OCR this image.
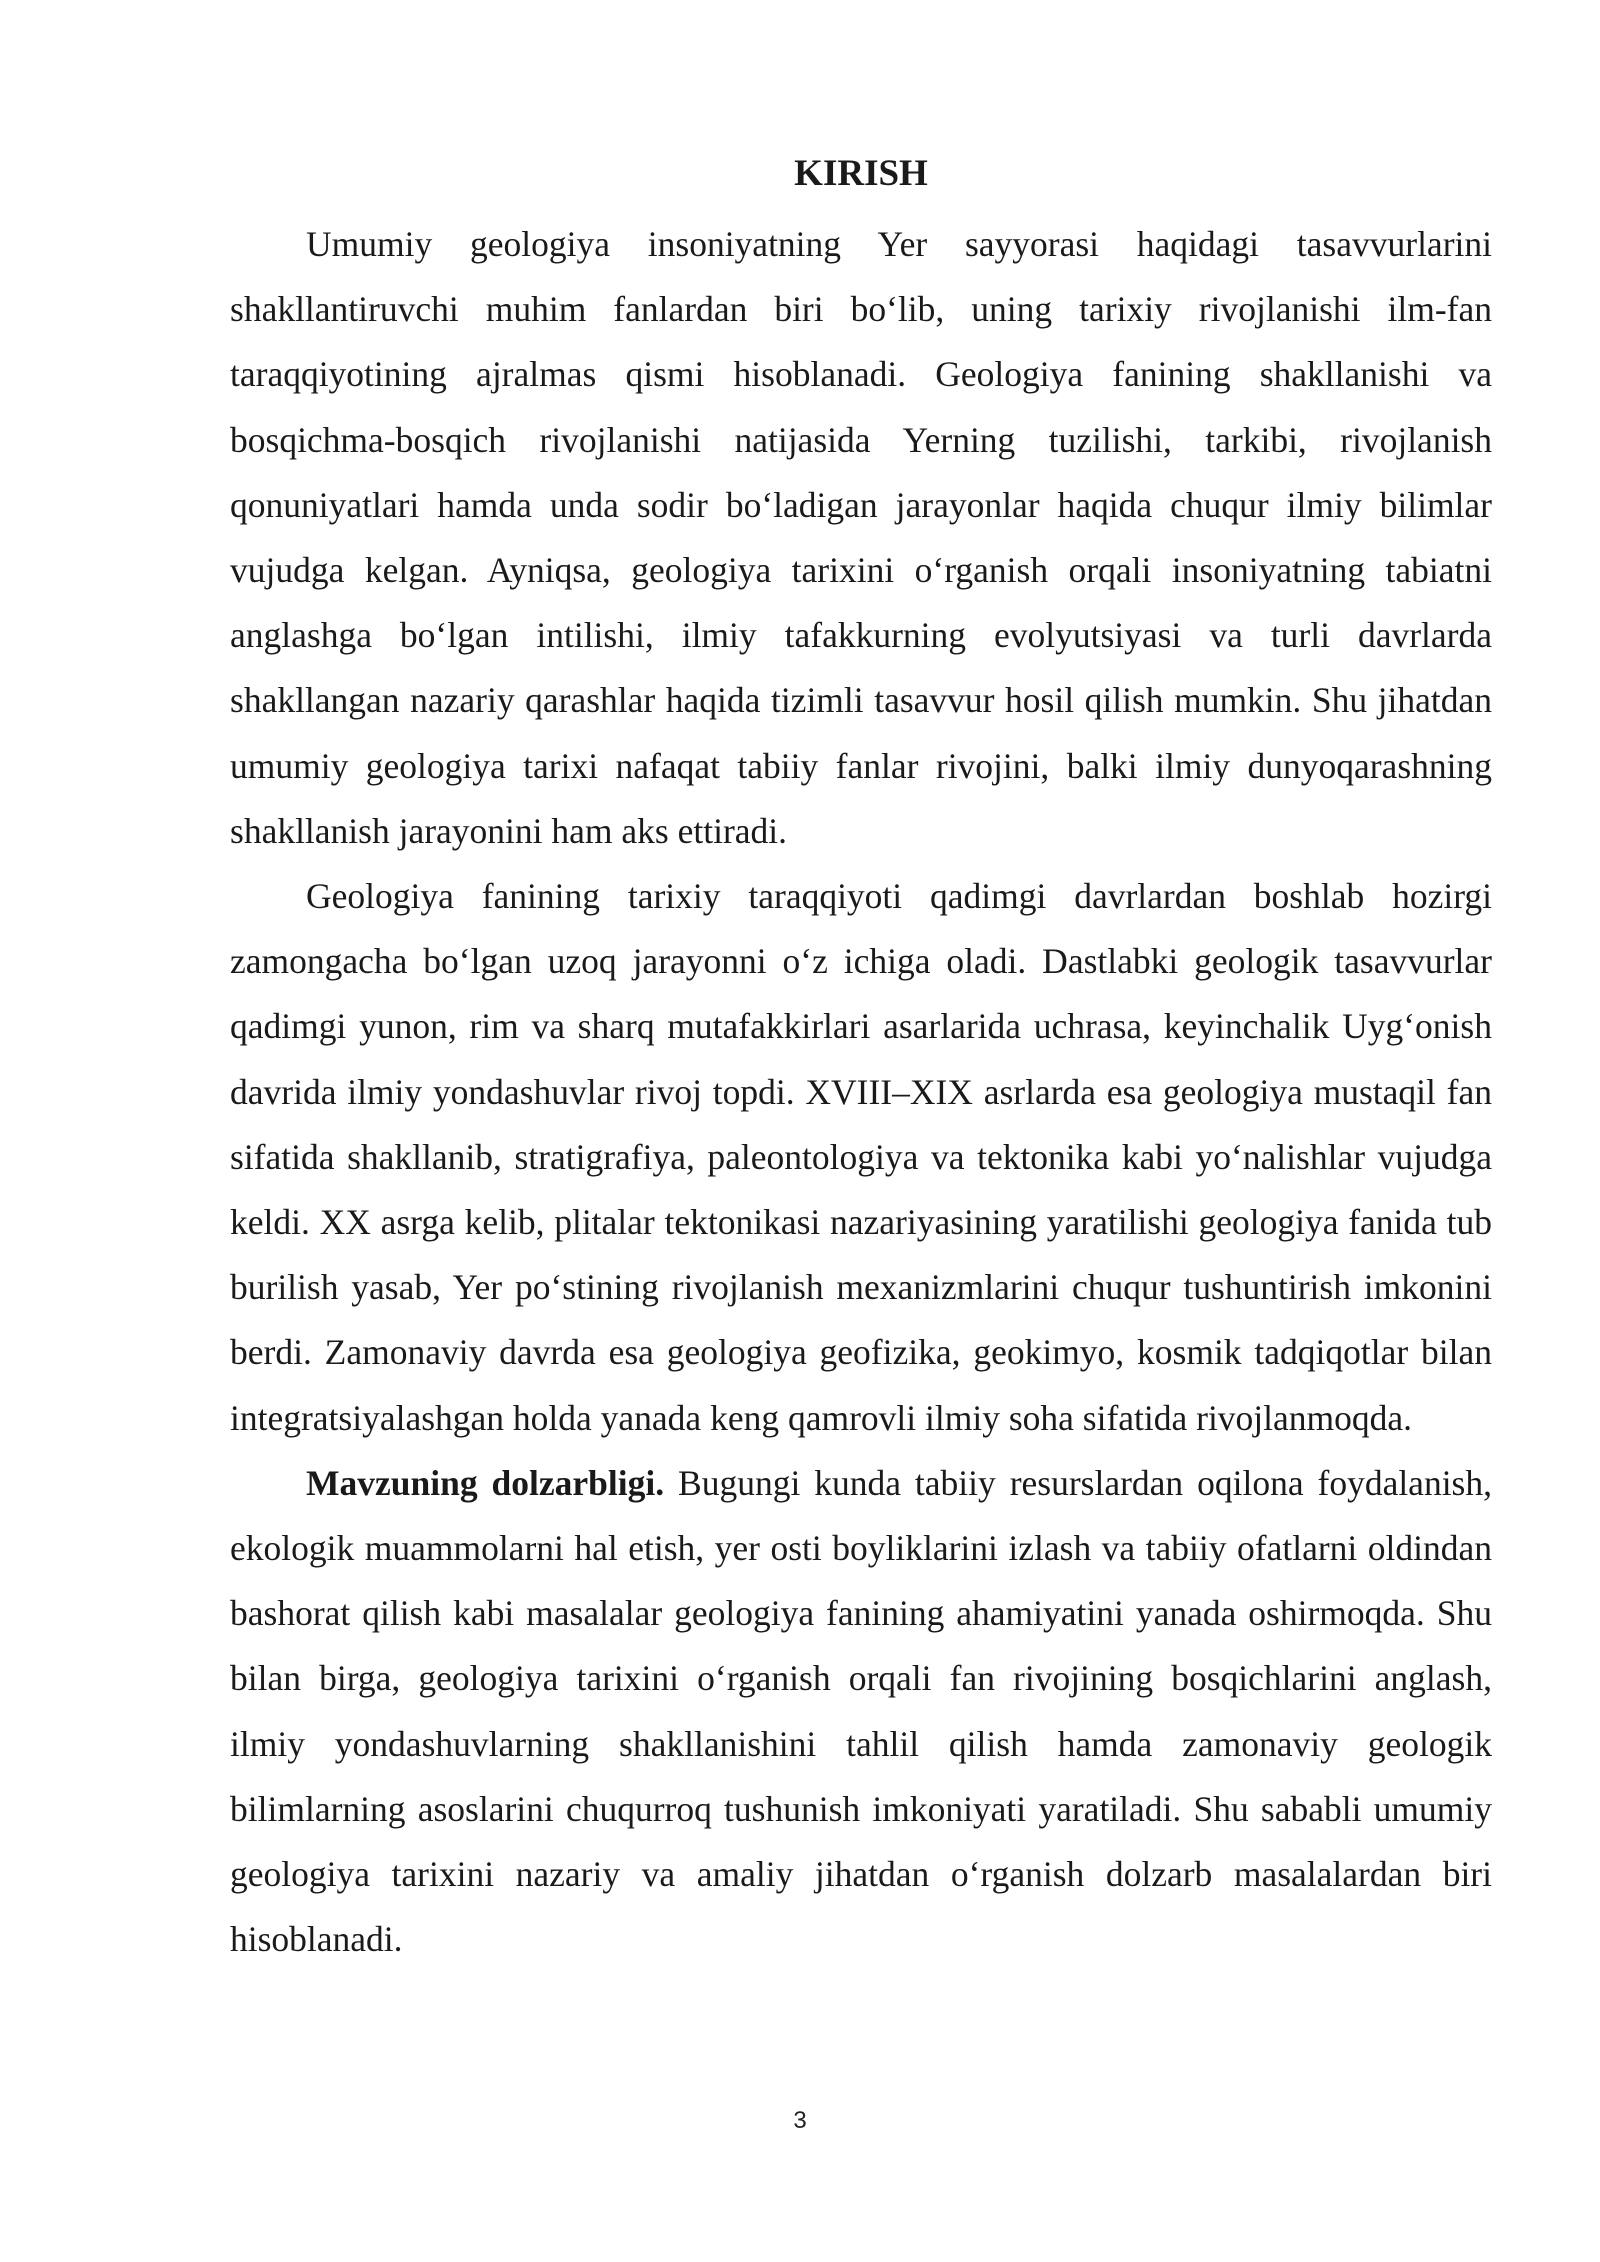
KIRISH

Umumiy geologiya insoniyatning Yer sayyorasi haqidagi tasavvurlarini shakllantiruvchi muhim fanlardan biri bo‘lib, uning tarixiy rivojlanishi ilm-fan taraqqiyotining ajralmas qismi hisoblanadi. Geologiya fanining shakllanishi va bosqichma-bosqich rivojlanishi natijasida Yerning tuzilishi, tarkibi, rivojlanish qonuniyatlari hamda unda sodir bo‘ladigan jarayonlar haqida chuqur ilmiy bilimlar vujudga kelgan. Ayniqsa, geologiya tarixini o‘rganish orqali insoniyatning tabiatni anglashga bo‘lgan intilishi, ilmiy tafakkurning evolyutsiyasi va turli davrlarda shakllangan nazariy qarashlar haqida tizimli tasavvur hosil qilish mumkin. Shu jihatdan umumiy geologiya tarixi nafaqat tabiiy fanlar rivojini, balki ilmiy dunyoqarashning shakllanish jarayonini ham aks ettiradi.

Geologiya fanining tarixiy taraqqiyoti qadimgi davrlardan boshlab hozirgi zamongacha bo‘lgan uzoq jarayonni o‘z ichiga oladi. Dastlabki geologik tasavvurlar qadimgi yunon, rim va sharq mutafakkirlari asarlarida uchrasa, keyinchalik Uyg‘onish davrida ilmiy yondashuvlar rivoj topdi. XVIII–XIX asrlarda esa geologiya mustaqil fan sifatida shakllanib, stratigrafiya, paleontologiya va tektonika kabi yo‘nalishlar vujudga keldi. XX asrga kelib, plitalar tektonikasi nazariyasining yaratilishi geologiya fanida tub burilish yasab, Yer po‘stining rivojlanish mexanizmlarini chuqur tushuntirish imkonini berdi. Zamonaviy davrda esa geologiya geofizika, geokimyo, kosmik tadqiqotlar bilan integratsiyalashgan holda yanada keng qamrovli ilmiy soha sifatida rivojlanmoqda.

Mavzuning dolzarbligi. Bugungi kunda tabiiy resurslardan oqilona foydalanish, ekologik muammolarni hal etish, yer osti boyliklarini izlash va tabiiy ofatlarni oldindan bashorat qilish kabi masalalar geologiya fanining ahamiyatini yanada oshirmoqda. Shu bilan birga, geologiya tarixini o‘rganish orqali fan rivojining bosqichlarini anglash, ilmiy yondashuvlarning shakllanishini tahlil qilish hamda zamonaviy geologik bilimlarning asoslarini chuqurroq tushunish imkoniyati yaratiladi. Shu sababli umumiy geologiya tarixini nazariy va amaliy jihatdan o‘rganish dolzarb masalalardan biri hisoblanadi.

3
